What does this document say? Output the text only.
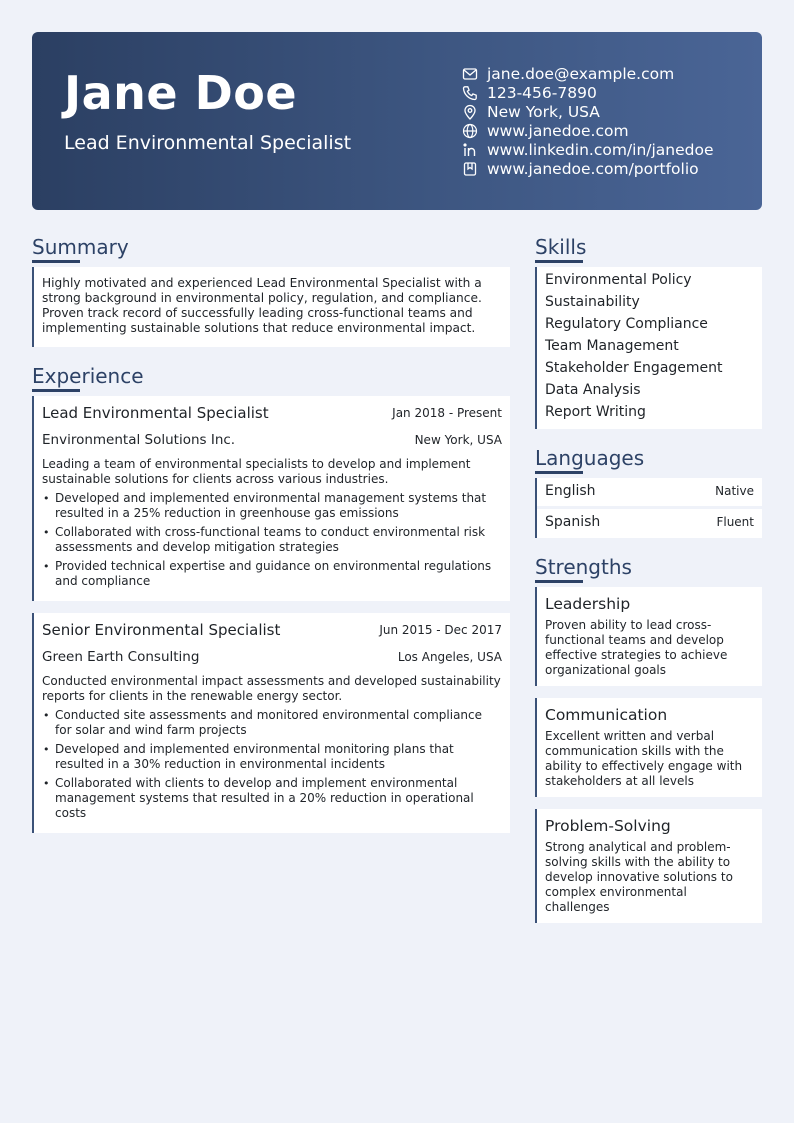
Jane Doe
Lead Environmental Specialist
jane.doe@example.com
123-456-7890
New York, USA
www.janedoe.com
www.linkedin.com/in/janedoe
www.janedoe.com/portfolio
Summary
Highly motivated and experienced Lead Environmental Specialist with a strong background in environmental policy, regulation, and compliance. Proven track record of successfully leading cross-functional teams and implementing sustainable solutions that reduce environmental impact.
Experience
Lead Environmental Specialist	Jan 2018 - Present
Environmental Solutions Inc.	New York, USA
Leading a team of environmental specialists to develop and implement sustainable solutions for clients across various industries.
• Developed and implemented environmental management systems that resulted in a 25% reduction in greenhouse gas emissions
• Collaborated with cross-functional teams to conduct environmental risk assessments and develop mitigation strategies
• Provided technical expertise and guidance on environmental regulations and compliance
Senior Environmental Specialist	Jun 2015 - Dec 2017
Green Earth Consulting	Los Angeles, USA
Conducted environmental impact assessments and developed sustainability reports for clients in the renewable energy sector.
• Conducted site assessments and monitored environmental compliance for solar and wind farm projects
• Developed and implemented environmental monitoring plans that resulted in a 30% reduction in environmental incidents
• Collaborated with clients to develop and implement environmental management systems that resulted in a 20% reduction in operational costs
Skills
Environmental Policy
Sustainability
Regulatory Compliance
Team Management
Stakeholder Engagement
Data Analysis
Report Writing
Languages
English	Native
Spanish	Fluent
Strengths
Leadership
Proven ability to lead cross-functional teams and develop effective strategies to achieve organizational goals
Communication
Excellent written and verbal communication skills with the ability to effectively engage with stakeholders at all levels
Problem-Solving
Strong analytical and problem-solving skills with the ability to develop innovative solutions to complex environmental challenges
